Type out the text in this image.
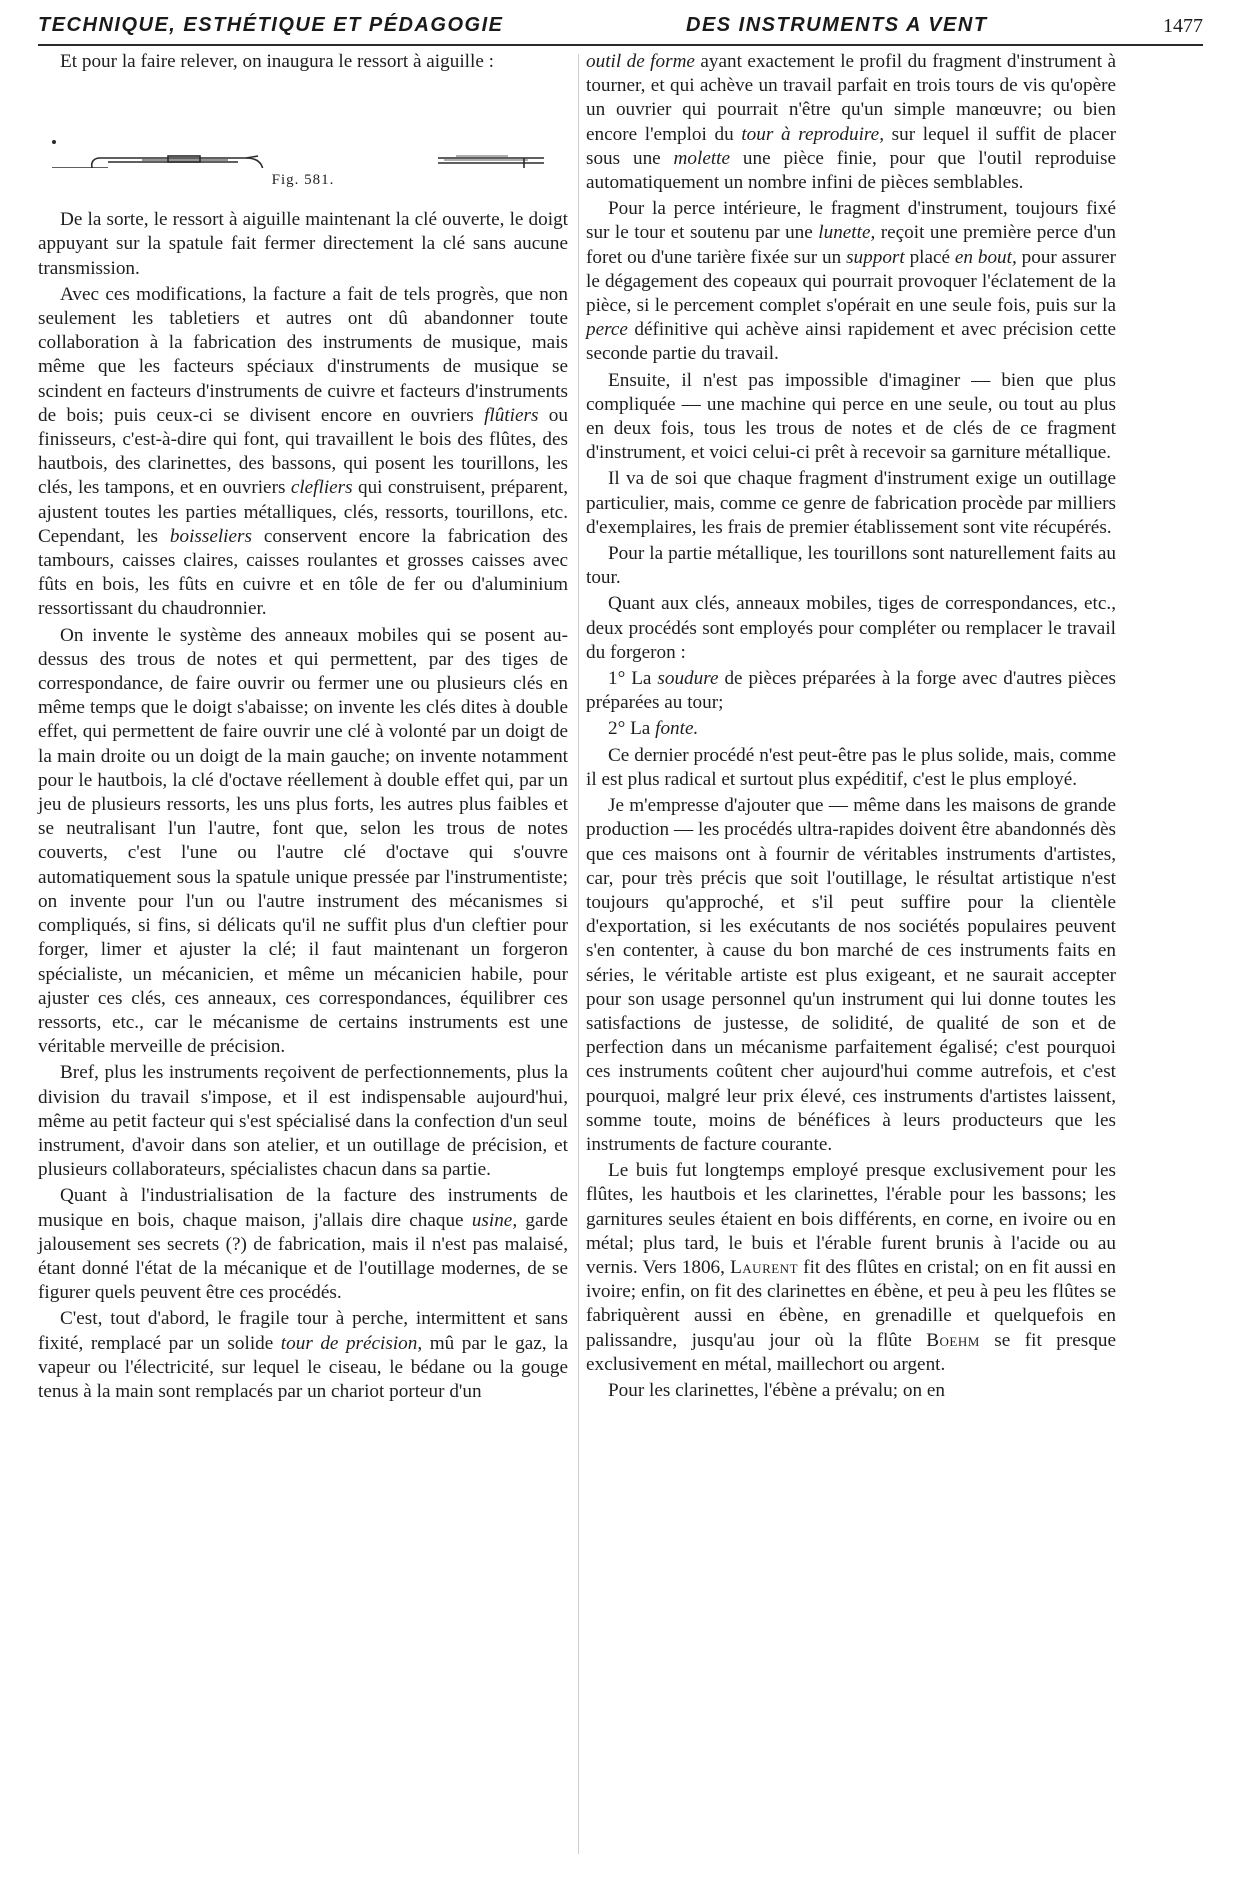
TECHNIQUE, ESTHÉTIQUE ET PÉDAGOGIE	DES INSTRUMENTS A VENT	1477

Et pour la faire relever, on inaugura le ressort à aiguille :

Fig. 581.

De la sorte, le ressort à aiguille maintenant la clé ouverte, le doigt appuyant sur la spatule fait fermer directement la clé sans aucune transmission.

Avec ces modifications, la facture a fait de tels progrès, que non seulement les tabletiers et autres ont dû abandonner toute collaboration à la fabrication des instruments de musique, mais même que les facteurs spéciaux d'instruments de musique se scindent en facteurs d'instruments de cuivre et facteurs d'instruments de bois; puis ceux-ci se divisent encore en ouvriers flûtiers ou finisseurs, c'est-à-dire qui font, qui travaillent le bois des flûtes, des hautbois, des clarinettes, des bassons, qui posent les tourillons, les clés, les tampons, et en ouvriers clefliers qui construisent, préparent, ajustent toutes les parties métalliques, clés, ressorts, tourillons, etc. Cependant, les boisseliers conservent encore la fabrication des tambours, caisses claires, caisses roulantes et grosses caisses avec fûts en bois, les fûts en cuivre et en tôle de fer ou d'aluminium ressortissant du chaudronnier.

On invente le système des anneaux mobiles qui se posent au-dessus des trous de notes et qui permettent, par des tiges de correspondance, de faire ouvrir ou fermer une ou plusieurs clés en même temps que le doigt s'abaisse; on invente les clés dites à double effet, qui permettent de faire ouvrir une clé à volonté par un doigt de la main droite ou un doigt de la main gauche; on invente notamment pour le hautbois, la clé d'octave réellement à double effet qui, par un jeu de plusieurs ressorts, les uns plus forts, les autres plus faibles et se neutralisant l'un l'autre, font que, selon les trous de notes couverts, c'est l'une ou l'autre clé d'octave qui s'ouvre automatiquement sous la spatule unique pressée par l'instrumentiste; on invente pour l'un ou l'autre instrument des mécanismes si compliqués, si fins, si délicats qu'il ne suffit plus d'un cleftier pour forger, limer et ajuster la clé; il faut maintenant un forgeron spécialiste, un mécanicien, et même un mécanicien habile, pour ajuster ces clés, ces anneaux, ces correspondances, équilibrer ces ressorts, etc., car le mécanisme de certains instruments est une véritable merveille de précision.

Bref, plus les instruments reçoivent de perfectionnements, plus la division du travail s'impose, et il est indispensable aujourd'hui, même au petit facteur qui s'est spécialisé dans la confection d'un seul instrument, d'avoir dans son atelier, et un outillage de précision, et plusieurs collaborateurs, spécialistes chacun dans sa partie.

Quant à l'industrialisation de la facture des instruments de musique en bois, chaque maison, j'allais dire chaque usine, garde jalousement ses secrets (?) de fabrication, mais il n'est pas malaisé, étant donné l'état de la mécanique et de l'outillage modernes, de se figurer quels peuvent être ces procédés.

C'est, tout d'abord, le fragile tour à perche, intermittent et sans fixité, remplacé par un solide tour de précision, mû par le gaz, la vapeur ou l'électricité, sur lequel le ciseau, le bédane ou la gouge tenus à la main sont remplacés par un chariot porteur d'un

outil de forme ayant exactement le profil du fragment d'instrument à tourner, et qui achève un travail parfait en trois tours de vis qu'opère un ouvrier qui pourrait n'être qu'un simple manœuvre; ou bien encore l'emploi du tour à reproduire, sur lequel il suffit de placer sous une molette une pièce finie, pour que l'outil reproduise automatiquement un nombre infini de pièces semblables.

Pour la perce intérieure, le fragment d'instrument, toujours fixé sur le tour et soutenu par une lunette, reçoit une première perce d'un foret ou d'une tarière fixée sur un support placé en bout, pour assurer le dégagement des copeaux qui pourrait provoquer l'éclatement de la pièce, si le percement complet s'opérait en une seule fois, puis sur la perce définitive qui achève ainsi rapidement et avec précision cette seconde partie du travail.

Ensuite, il n'est pas impossible d'imaginer — bien que plus compliquée — une machine qui perce en une seule, ou tout au plus en deux fois, tous les trous de notes et de clés de ce fragment d'instrument, et voici celui-ci prêt à recevoir sa garniture métallique.

Il va de soi que chaque fragment d'instrument exige un outillage particulier, mais, comme ce genre de fabrication procède par milliers d'exemplaires, les frais de premier établissement sont vite récupérés.

Pour la partie métallique, les tourillons sont naturellement faits au tour.

Quant aux clés, anneaux mobiles, tiges de correspondances, etc., deux procédés sont employés pour compléter ou remplacer le travail du forgeron :

1° La soudure de pièces préparées à la forge avec d'autres pièces préparées au tour;

2° La fonte.

Ce dernier procédé n'est peut-être pas le plus solide, mais, comme il est plus radical et surtout plus expéditif, c'est le plus employé.

Je m'empresse d'ajouter que — même dans les maisons de grande production — les procédés ultra-rapides doivent être abandonnés dès que ces maisons ont à fournir de véritables instruments d'artistes, car, pour très précis que soit l'outillage, le résultat artistique n'est toujours qu'approché, et s'il peut suffire pour la clientèle d'exportation, si les exécutants de nos sociétés populaires peuvent s'en contenter, à cause du bon marché de ces instruments faits en séries, le véritable artiste est plus exigeant, et ne saurait accepter pour son usage personnel qu'un instrument qui lui donne toutes les satisfactions de justesse, de solidité, de qualité de son et de perfection dans un mécanisme parfaitement égalisé; c'est pourquoi ces instruments coûtent cher aujourd'hui comme autrefois, et c'est pourquoi, malgré leur prix élevé, ces instruments d'artistes laissent, somme toute, moins de bénéfices à leurs producteurs que les instruments de facture courante.

Le buis fut longtemps employé presque exclusivement pour les flûtes, les hautbois et les clarinettes, l'érable pour les bassons; les garnitures seules étaient en bois différents, en corne, en ivoire ou en métal; plus tard, le buis et l'érable furent brunis à l'acide ou au vernis. Vers 1806, Laurent fit des flûtes en cristal; on en fit aussi en ivoire; enfin, on fit des clarinettes en ébène, et peu à peu les flûtes se fabriquèrent aussi en ébène, en grenadille et quelquefois en palissandre, jusqu'au jour où la flûte Boehm se fit presque exclusivement en métal, maillechort ou argent.

Pour les clarinettes, l'ébène a prévalu; on en
